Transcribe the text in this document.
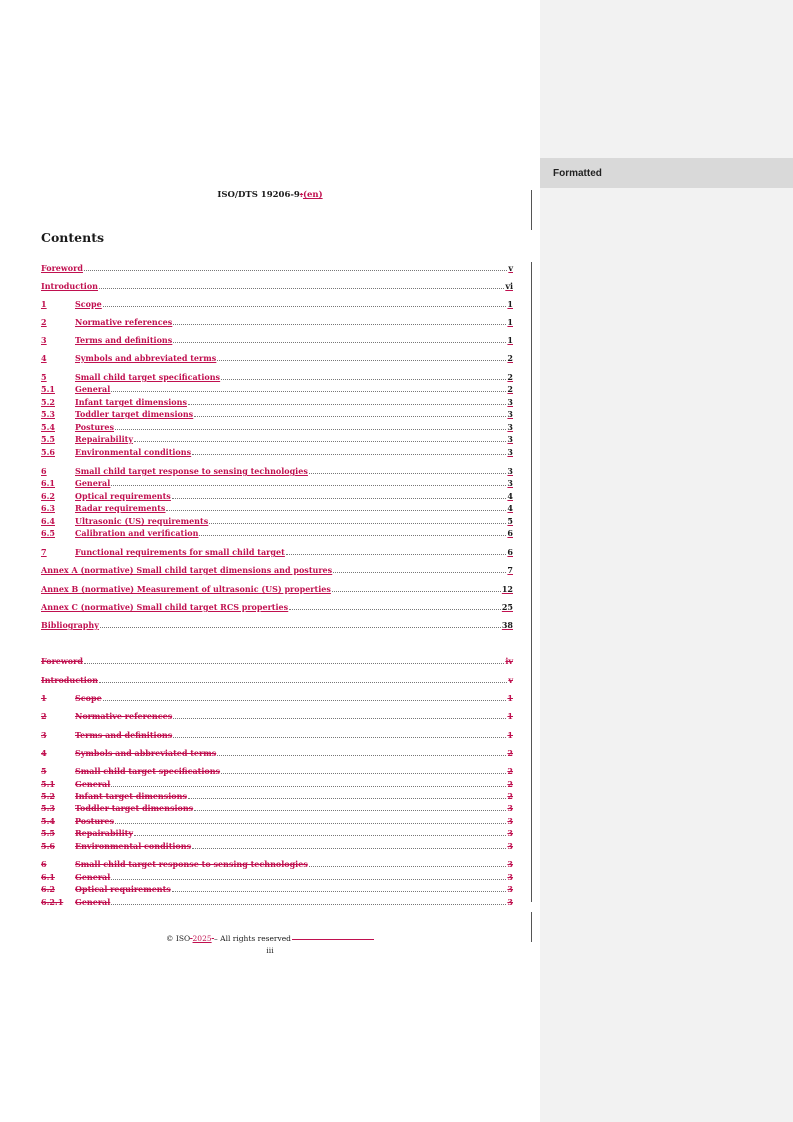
Formatted
ISO/DTS 19206-9:(en)
Contents
Foreword	v
Introduction	vi
1	Scope	1
2	Normative references	1
3	Terms and definitions	1
4	Symbols and abbreviated terms	2
5	Small child target specifications	2
5.1	General	2
5.2	Infant target dimensions	3
5.3	Toddler target dimensions	3
5.4	Postures	3
5.5	Repairability	3
5.6	Environmental conditions	3
6	Small child target response to sensing technologies	3
6.1	General	3
6.2	Optical requirements	4
6.3	Radar requirements	4
6.4	Ultrasonic (US) requirements	5
6.5	Calibration and verification	6
7	Functional requirements for small child target	6
Annex A (normative) Small child target dimensions and postures	7
Annex B (normative) Measurement of ultrasonic (US) properties	12
Annex C (normative) Small child target RCS properties	25
Bibliography	38
Foreword	iv
Introduction	v
1	Scope	1
2	Normative references	1
3	Terms and definitions	1
4	Symbols and abbreviated terms	2
5	Small child target specifications	2
5.1	General	2
5.2	Infant target dimensions	2
5.3	Toddler target dimensions	3
5.4	Postures	3
5.5	Repairability	3
5.6	Environmental conditions	3
6	Small child target response to sensing technologies	3
6.1	General	3
6.2	Optical requirements	3
6.2.1	General	3
© ISO 2025 – All rights reserved
iii
